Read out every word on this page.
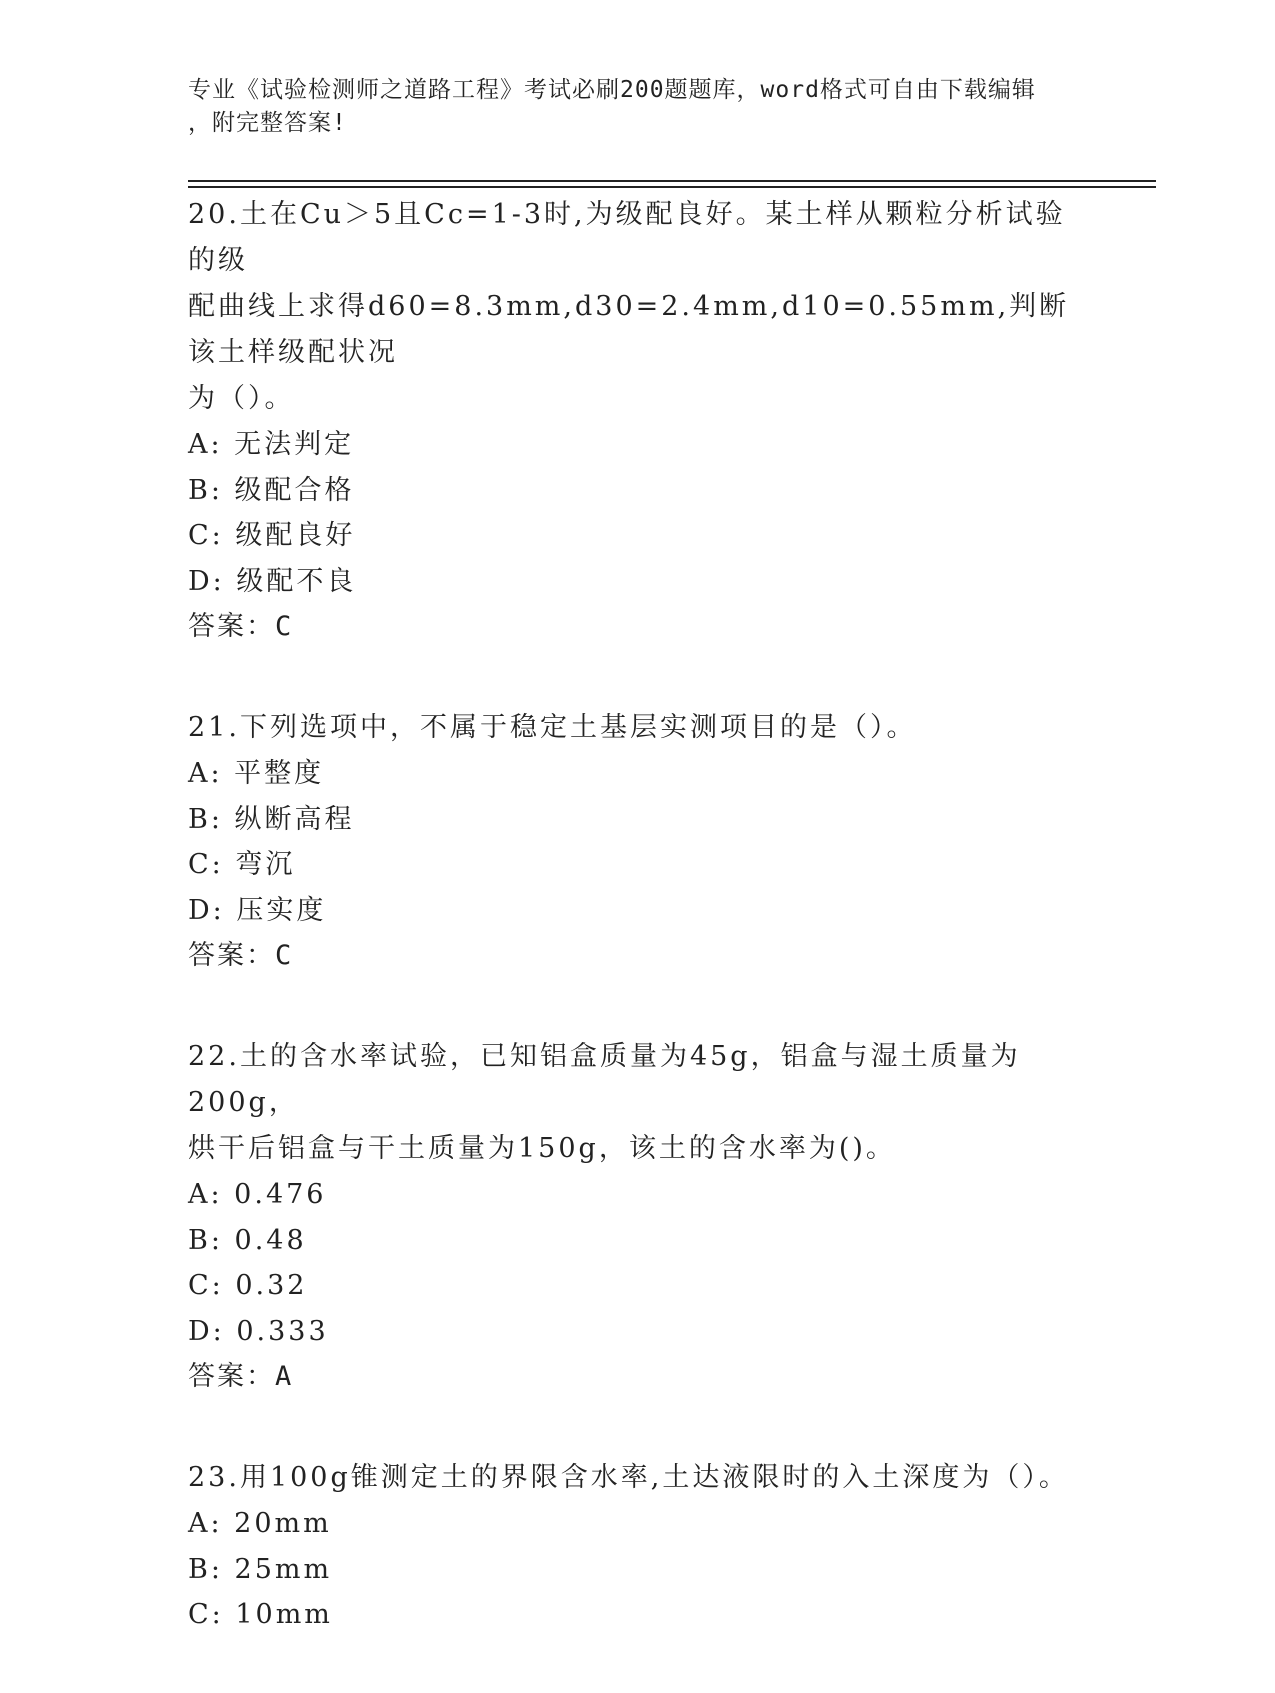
专业《试验检测师之道路工程》考试必刷200题题库，word格式可自由下载编辑
，附完整答案!

20.土在Cu＞5且Cc=1-3时,为级配良好。某土样从颗粒分析试验的级

配曲线上求得d60=8.3mm,d30=2.4mm,d10=0.55mm,判断该土样级配状况

为（）。

A: 无法判定

B: 级配合格

C: 级配良好

D: 级配不良

答案：C

21.下列选项中，不属于稳定土基层实测项目的是（）。

A: 平整度

B: 纵断高程

C: 弯沉

D: 压实度

答案：C

22.土的含水率试验，已知铝盒质量为45g，铝盒与湿土质量为200g，

烘干后铝盒与干土质量为150g，该土的含水率为()。

A: 0.476

B: 0.48

C: 0.32

D: 0.333

答案：A

23.用100g锥测定土的界限含水率,土达液限时的入土深度为（）。

A: 20mm

B: 25mm

C: 10mm
